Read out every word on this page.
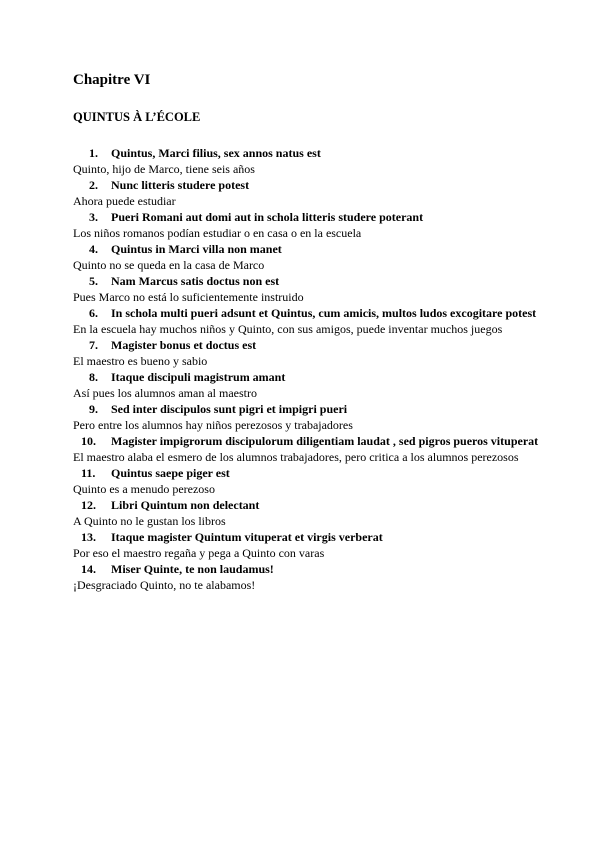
Chapitre VI
QUINTUS À L’ÉCOLE
1.	Quintus, Marci filius, sex annos natus est

Quinto, hijo de Marco, tiene seis años

2.	Nunc litteris studere potest

Ahora puede estudiar

3.	Pueri Romani aut domi aut in schola litteris studere poterant

Los niños romanos podían estudiar o en casa o en la escuela

4.	Quintus in Marci villa non manet

Quinto no se queda en la casa de Marco

5.	Nam Marcus satis doctus non est

Pues Marco no está lo suficientemente instruido

6.	In schola multi pueri adsunt et Quintus, cum amicis, multos ludos excogitare potest

En la escuela hay muchos niños y Quinto, con sus amigos, puede inventar muchos juegos

7.	Magister bonus et doctus est

El maestro es bueno y sabio

8.	Itaque discipuli magistrum amant

Así pues los alumnos aman al maestro

9.	Sed inter discipulos sunt pigri et impigri pueri

Pero entre los alumnos hay niños perezosos y trabajadores

10.	Magister impigrorum discipulorum diligentiam laudat , sed pigros pueros vituperat

El maestro alaba el esmero de los alumnos trabajadores, pero critica a los alumnos perezosos

11.	Quintus saepe piger est

Quinto es a menudo perezoso

12.	Libri Quintum non delectant

A Quinto no le gustan los libros

13.	Itaque magister Quintum vituperat et virgis verberat

Por eso el maestro regaña y pega a Quinto con varas

14.	Miser Quinte, te non laudamus!

¡Desgraciado Quinto, no te alabamos!
